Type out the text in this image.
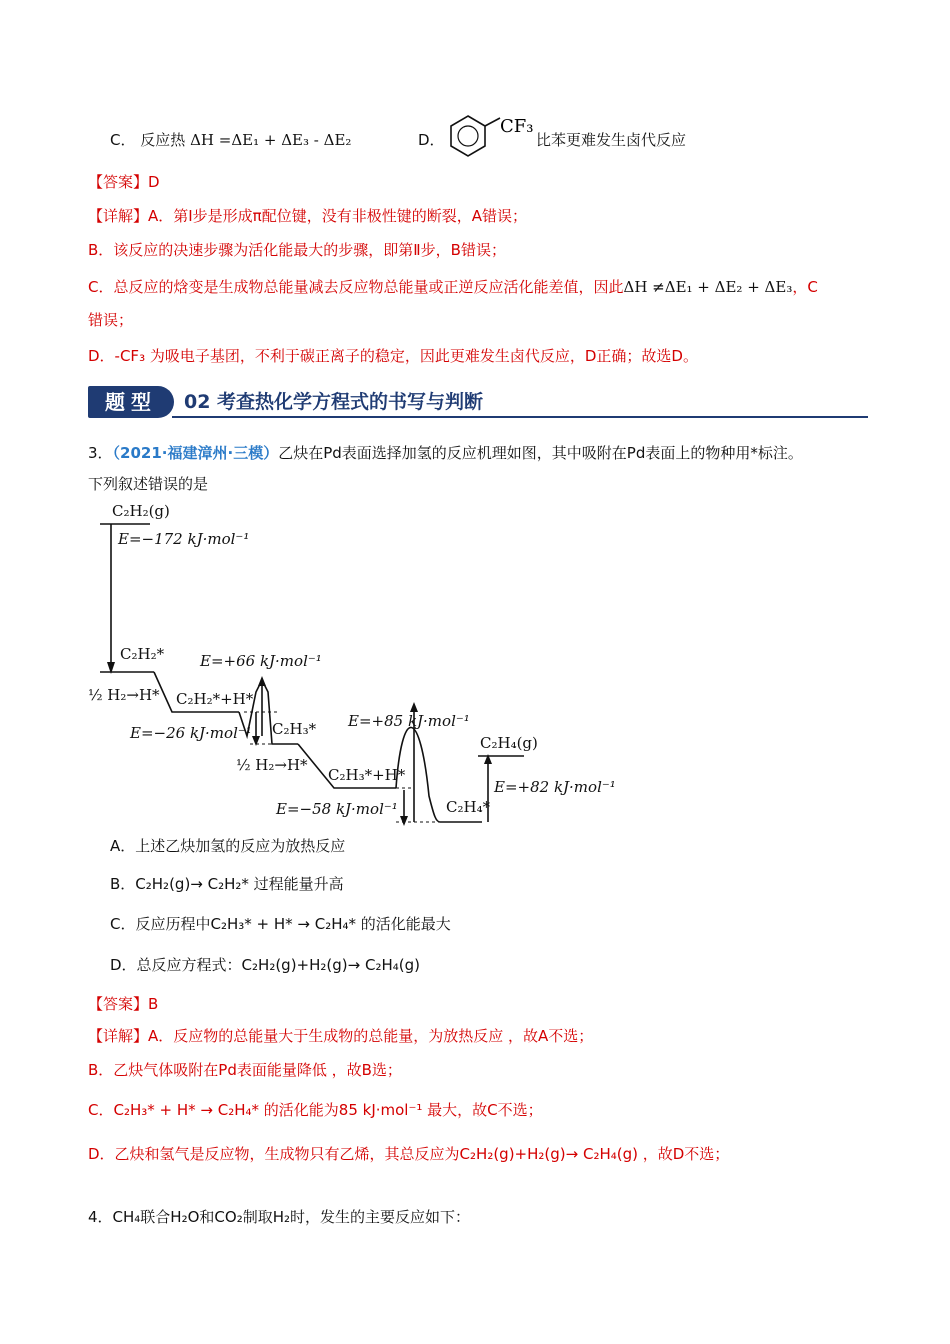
C． 反应热 ΔH =ΔE₁ + ΔE₃ - ΔE₂	D．
CF₃
比苯更难发生卤代反应
【答案】D
【详解】A．第Ⅰ步是形成π配位键，没有非极性键的断裂，A错误；
B．该反应的决速步骤为活化能最大的步骤，即第Ⅱ步，B错误；
C．总反应的焓变是生成物总能量减去反应物总能量或正逆反应活化能差值，因此ΔH ≠ΔE₁ + ΔE₂ + ΔE₃，C
错误；
D．-CF₃ 为吸电子基团，不利于碳正离子的稳定，因此更难发生卤代反应，D正确；故选D。
题型	02 考查热化学方程式的书写与判断
3．（2021·福建漳州·三模）乙炔在Pd表面选择加氢的反应机理如图，其中吸附在Pd表面上的物种用*标注。
下列叙述错误的是
C₂H₂(g)
E=−172 kJ·mol⁻¹
C₂H₂*
½ H₂→H* C₂H₂*+H*
E=+66 kJ·mol⁻¹
E=−26 kJ·mol⁻¹ C₂H₃*
½ H₂→H*
C₂H₃*+H*
E=+85 kJ·mol⁻¹
E=−58 kJ·mol⁻¹	C₂H₄*
C₂H₄(g)
E=+82 kJ·mol⁻¹
A．上述乙炔加氢的反应为放热反应
B．C₂H₂(g)→ C₂H₂* 过程能量升高
C．反应历程中C₂H₃* + H* → C₂H₄* 的活化能最大
D．总反应方程式：C₂H₂(g)+H₂(g)→ C₂H₄(g)
【答案】B
【详解】A．反应物的总能量大于生成物的总能量，为放热反应 ，故A不选；
B．乙炔气体吸附在Pd表面能量降低 ，故B选；
C．C₂H₃* + H* → C₂H₄* 的活化能为85 kJ·mol⁻¹ 最大，故C不选；
D．乙炔和氢气是反应物，生成物只有乙烯，其总反应为C₂H₂(g)+H₂(g)→ C₂H₄(g) ，故D不选；
4．CH₄联合H₂O和CO₂制取H₂时，发生的主要反应如下：
